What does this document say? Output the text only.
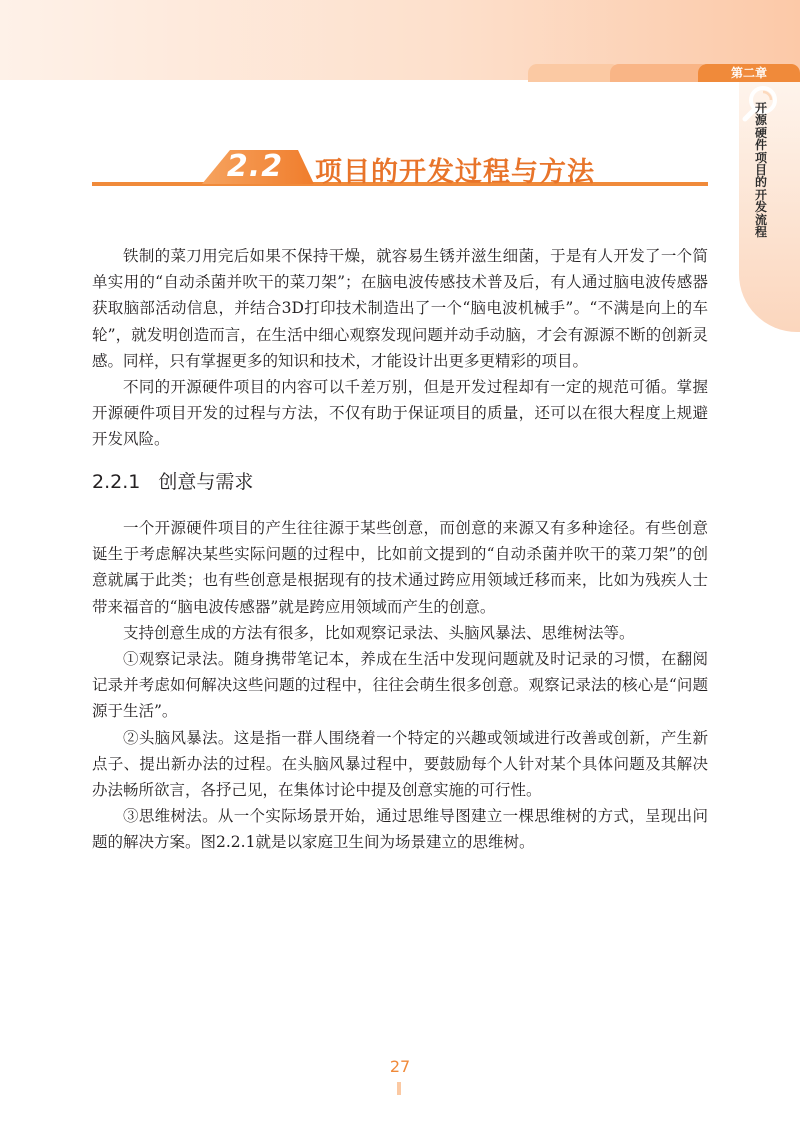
第二章
开源硬件项目的开发流程
2.2	项目的开发过程与方法

铁制的菜刀用完后如果不保持干燥，就容易生锈并滋生细菌，于是有人开发了一个简单实用的“自动杀菌并吹干的菜刀架”；在脑电波传感技术普及后，有人通过脑电波传感器获取脑部活动信息，并结合3D打印技术制造出了一个“脑电波机械手”。“不满是向上的车轮”，就发明创造而言，在生活中细心观察发现问题并动手动脑，才会有源源不断的创新灵感。同样，只有掌握更多的知识和技术，才能设计出更多更精彩的项目。

不同的开源硬件项目的内容可以千差万别，但是开发过程却有一定的规范可循。掌握开源硬件项目开发的过程与方法，不仅有助于保证项目的质量，还可以在很大程度上规避开发风险。

2.2.1 创意与需求

一个开源硬件项目的产生往往源于某些创意，而创意的来源又有多种途径。有些创意诞生于考虑解决某些实际问题的过程中，比如前文提到的“自动杀菌并吹干的菜刀架”的创意就属于此类；也有些创意是根据现有的技术通过跨应用领域迁移而来，比如为残疾人士带来福音的“脑电波传感器”就是跨应用领域而产生的创意。

支持创意生成的方法有很多，比如观察记录法、头脑风暴法、思维树法等。

①观察记录法。随身携带笔记本，养成在生活中发现问题就及时记录的习惯，在翻阅记录并考虑如何解决这些问题的过程中，往往会萌生很多创意。观察记录法的核心是“问题源于生活”。

②头脑风暴法。这是指一群人围绕着一个特定的兴趣或领域进行改善或创新，产生新点子、提出新办法的过程。在头脑风暴过程中，要鼓励每个人针对某个具体问题及其解决办法畅所欲言，各抒己见，在集体讨论中提及创意实施的可行性。

③思维树法。从一个实际场景开始，通过思维导图建立一棵思维树的方式，呈现出问题的解决方案。图2.2.1就是以家庭卫生间为场景建立的思维树。

27
